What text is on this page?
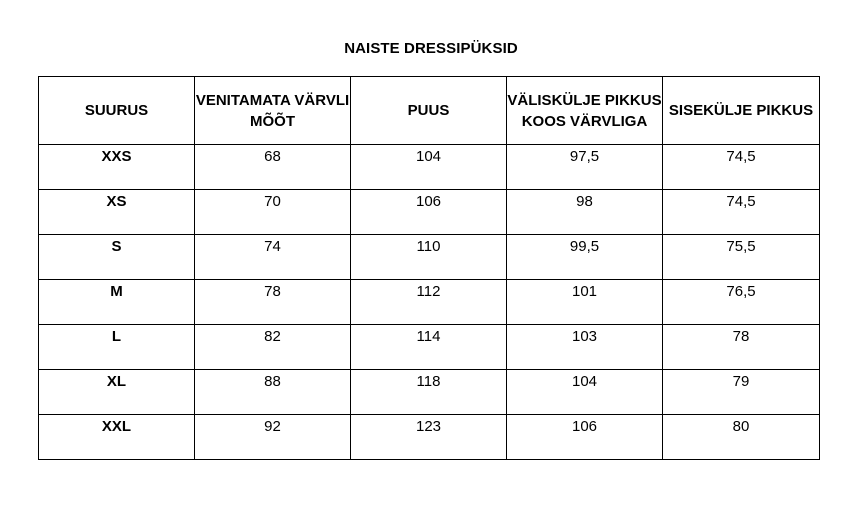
NAISTE DRESSIPÜKSID
SUURUS	VENITAMATA VÄRVLI MÕÕT	PUUS	VÄLISKÜLJE PIKKUS KOOS VÄRVLIGA	SISEKÜLJE PIKKUS
XXS	68	104	97,5	74,5
XS	70	106	98	74,5
S	74	110	99,5	75,5
M	78	112	101	76,5
L	82	114	103	78
XL	88	118	104	79
XXL	92	123	106	80
